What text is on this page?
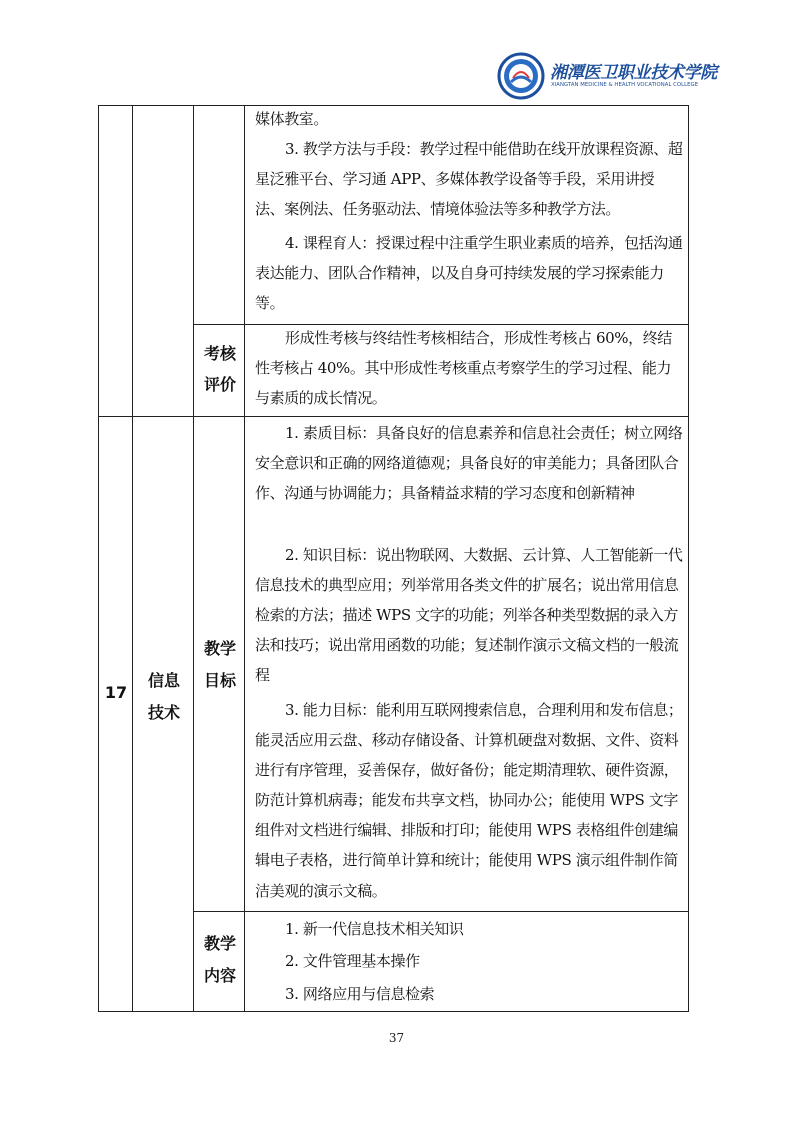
湘潭医卫职业技术学院
XIANGTAN MEDICINE & HEALTH VOCATIONAL COLLEGE
媒体教室。
3. 教学方法与手段：教学过程中能借助在线开放课程资源、超星泛雅平台、学习通 APP、多媒体教学设备等手段，采用讲授法、案例法、任务驱动法、情境体验法等多种教学方法。
4. 课程育人：授课过程中注重学生职业素质的培养，包括沟通表达能力、团队合作精神，以及自身可持续发展的学习探索能力等。
考核
评价
形成性考核与终结性考核相结合，形成性考核占 60%，终结性考核占 40%。其中形成性考核重点考察学生的学习过程、能力与素质的成长情况。
17
信息
技术
教学
目标
1. 素质目标：具备良好的信息素养和信息社会责任；树立网络安全意识和正确的网络道德观；具备良好的审美能力；具备团队合作、沟通与协调能力；具备精益求精的学习态度和创新精神
2. 知识目标：说出物联网、大数据、云计算、人工智能新一代信息技术的典型应用；列举常用各类文件的扩展名；说出常用信息检索的方法；描述 WPS 文字的功能；列举各种类型数据的录入方法和技巧；说出常用函数的功能；复述制作演示文稿文档的一般流程
3. 能力目标：能利用互联网搜索信息，合理利用和发布信息；能灵活应用云盘、移动存储设备、计算机硬盘对数据、文件、资料进行有序管理，妥善保存，做好备份；能定期清理软、硬件资源，防范计算机病毒；能发布共享文档，协同办公；能使用 WPS 文字组件对文档进行编辑、排版和打印；能使用 WPS 表格组件创建编辑电子表格，进行简单计算和统计；能使用 WPS 演示组件制作简洁美观的演示文稿。
教学
内容
1. 新一代信息技术相关知识
2. 文件管理基本操作
3. 网络应用与信息检索
37
